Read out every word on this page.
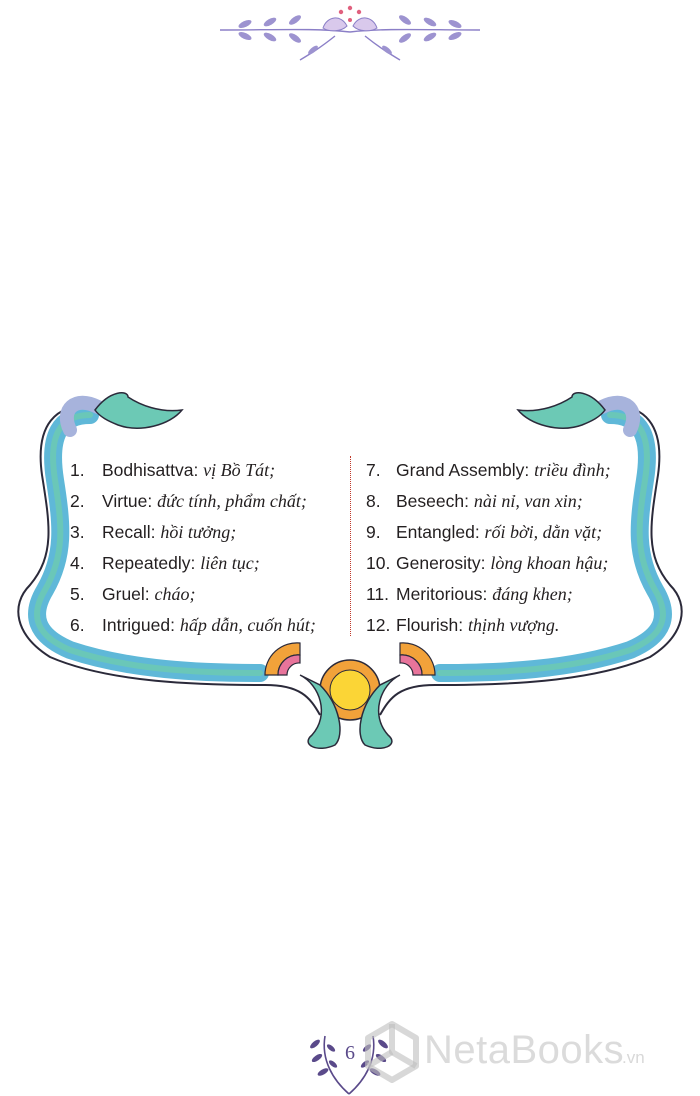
1. Bodhisattva: vị Bồ Tát;
2. Virtue: đức tính, phẩm chất;
3. Recall: hồi tưởng;
4. Repeatedly: liên tục;
5. Gruel: cháo;
6. Intrigued: hấp dẫn, cuốn hút;
7. Grand Assembly: triều đình;
8. Beseech: nài nỉ, van xin;
9. Entangled: rối bời, dằn vặt;
10. Generosity: lòng khoan hậu;
11. Meritorious: đáng khen;
12. Flourish: thịnh vượng.
6 NetaBooks
.vn
